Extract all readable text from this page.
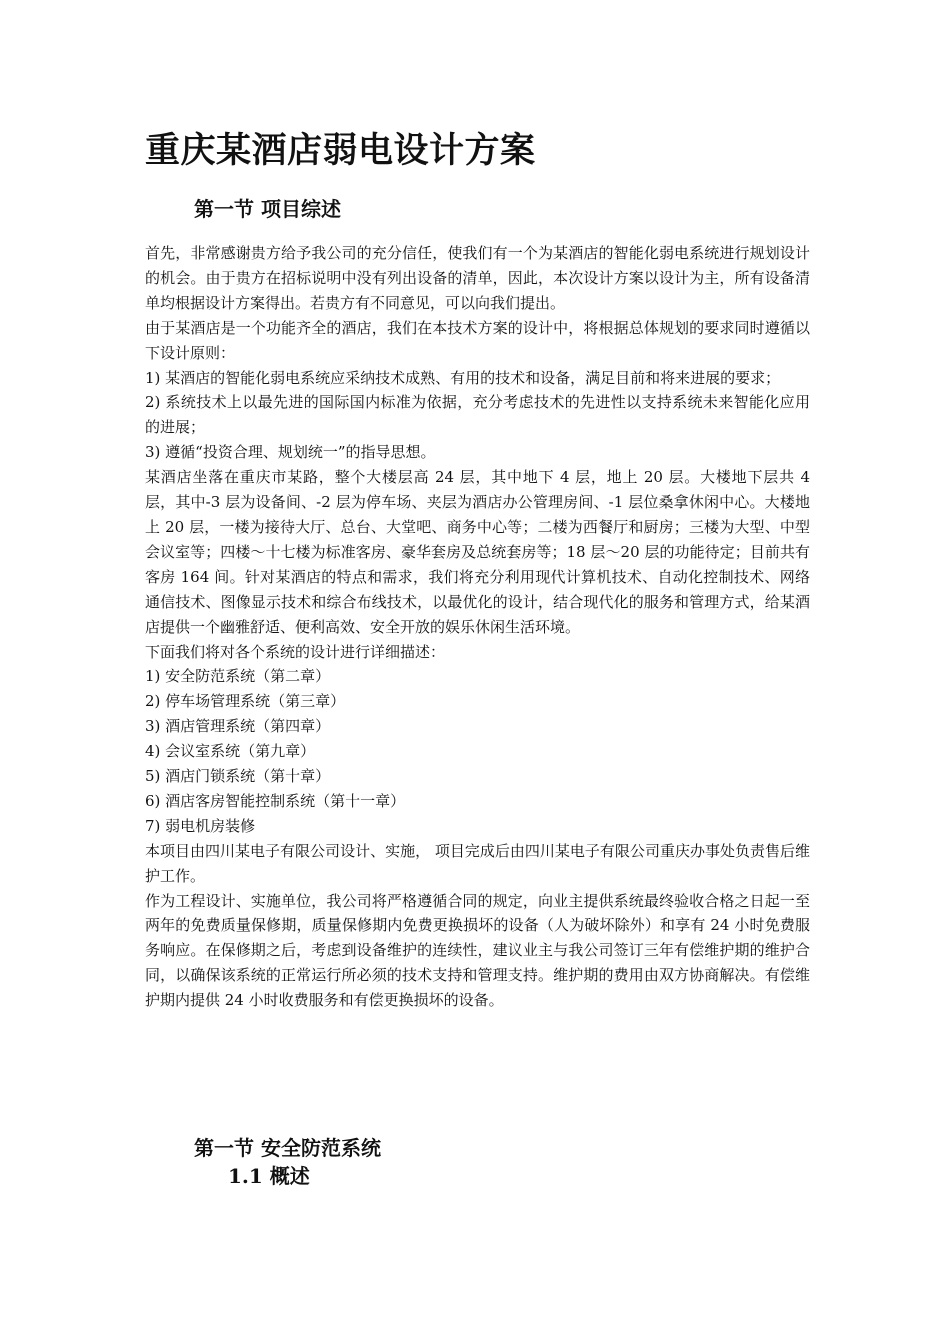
重庆某酒店弱电设计方案
第一节 项目综述

首先，非常感谢贵方给予我公司的充分信任，使我们有一个为某酒店的智能化弱电系统进行规划设计的机会。由于贵方在招标说明中没有列出设备的清单，因此，本次设计方案以设计为主，所有设备清单均根据设计方案得出。若贵方有不同意见，可以向我们提出。

由于某酒店是一个功能齐全的酒店，我们在本技术方案的设计中，将根据总体规划的要求同时遵循以下设计原则：

1) 某酒店的智能化弱电系统应采纳技术成熟、有用的技术和设备，满足目前和将来进展的要求；

2) 系统技术上以最先进的国际国内标准为依据，充分考虑技术的先进性以支持系统未来智能化应用的进展；

3) 遵循“投资合理、规划统一”的指导思想。

某酒店坐落在重庆市某路，整个大楼层高 24 层，其中地下 4 层，地上 20 层。大楼地下层共 4 层，其中-3 层为设备间、-2 层为停车场、夹层为酒店办公管理房间、-1 层位桑拿休闲中心。大楼地上 20 层，一楼为接待大厅、总台、大堂吧、商务中心等；二楼为西餐厅和厨房；三楼为大型、中型会议室等；四楼～十七楼为标准客房、豪华套房及总统套房等；18 层～20 层的功能待定；目前共有客房 164 间。针对某酒店的特点和需求，我们将充分利用现代计算机技术、自动化控制技术、网络通信技术、图像显示技术和综合布线技术，以最优化的设计，结合现代化的服务和管理方式，给某酒店提供一个幽雅舒适、便利高效、安全开放的娱乐休闲生活环境。

下面我们将对各个系统的设计进行详细描述：

1) 安全防范系统（第二章）

2) 停车场管理系统（第三章）

3) 酒店管理系统（第四章）

4) 会议室系统（第九章）

5) 酒店门锁系统（第十章）

6) 酒店客房智能控制系统（第十一章）

7) 弱电机房装修

本项目由四川某电子有限公司设计、实施， 项目完成后由四川某电子有限公司重庆办事处负责售后维护工作。

作为工程设计、实施单位，我公司将严格遵循合同的规定，向业主提供系统最终验收合格之日起一至两年的免费质量保修期，质量保修期内免费更换损坏的设备（人为破坏除外）和享有 24 小时免费服务响应。在保修期之后，考虑到设备维护的连续性，建议业主与我公司签订三年有偿维护期的维护合同，以确保该系统的正常运行所必须的技术支持和管理支持。维护期的费用由双方协商解决。有偿维护期内提供 24 小时收费服务和有偿更换损坏的设备。

第一节 安全防范系统
1.1 概述
